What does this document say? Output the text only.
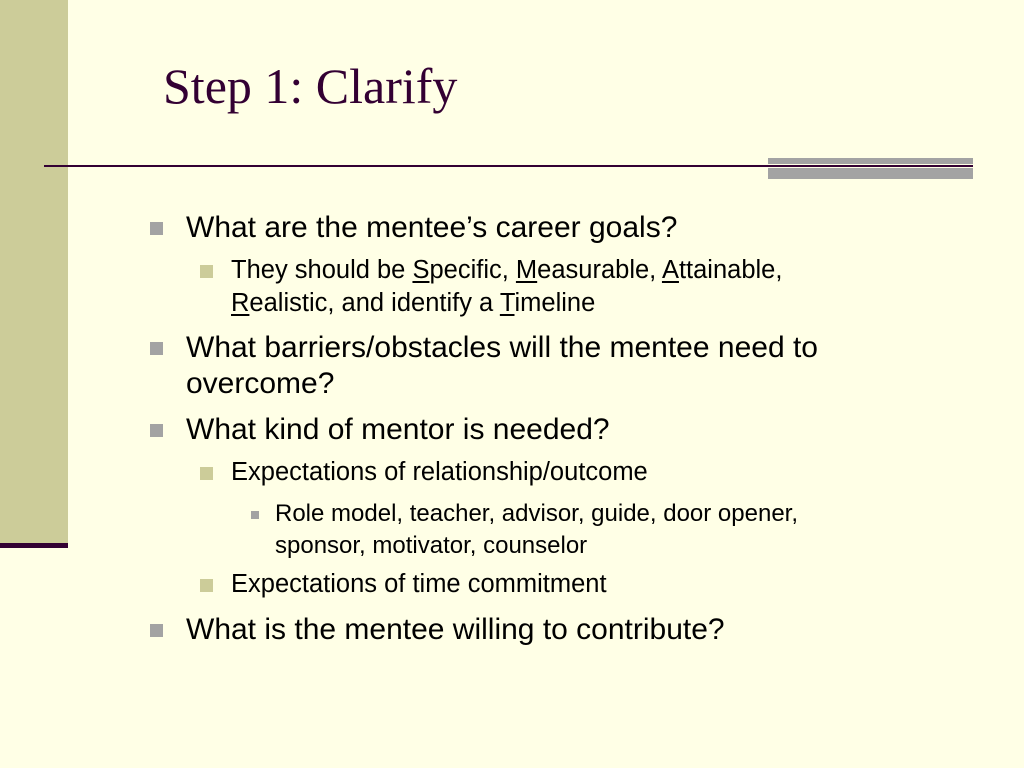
Step 1: Clarify
What are the mentee’s career goals?
They should be Specific, Measurable, Attainable,
Realistic, and identify a Timeline
What barriers/obstacles will the mentee need to
overcome?
What kind of mentor is needed?
Expectations of relationship/outcome
Role model, teacher, advisor, guide, door opener,
sponsor, motivator, counselor
Expectations of time commitment
What is the mentee willing to contribute?
